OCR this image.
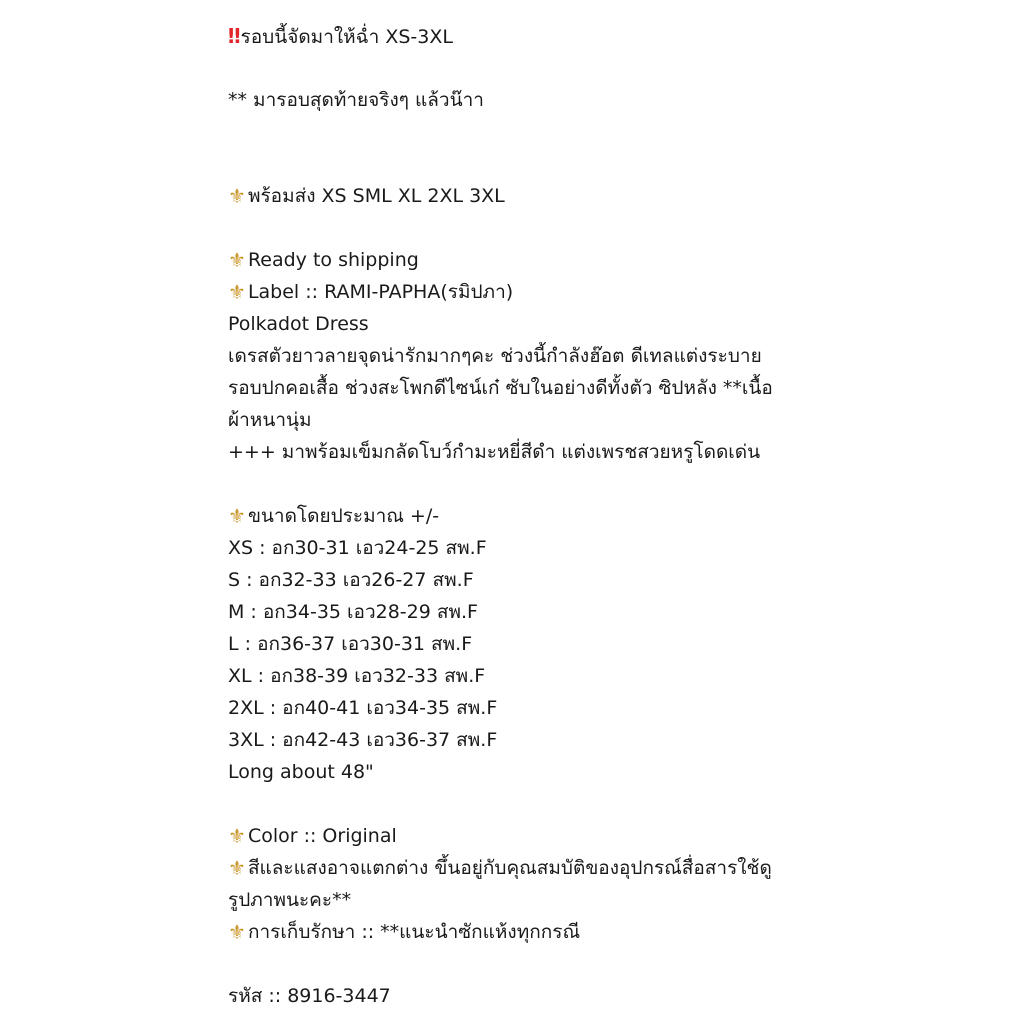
‼ รอบนี้จัดมาให้ฉ่ำ XS-3XL
** มารอบสุดท้ายจริงๆ แล้วน๊าา
⚜ พร้อมส่ง XS SML XL 2XL 3XL
⚜ Ready to shipping
⚜ Label :: RAMI-PAPHA(รมิปภา)
Polkadot Dress
เดรสตัวยาวลายจุดน่ารักมากๆคะ ช่วงนี้กำลังฮ๊อต ดีเทลแต่งระบาย
รอบปกคอเสื้อ ช่วงสะโพกดีไซน์เก๋ ซับในอย่างดีทั้งตัว ซิปหลัง **เนื้อ
ผ้าหนานุ่ม
+++ มาพร้อมเข็มกลัดโบว์กำมะหยี่สีดำ แต่งเพรชสวยหรูโดดเด่น
⚜ ขนาดโดยประมาณ +/-
XS : อก30-31 เอว24-25 สพ.F
S : อก32-33 เอว26-27 สพ.F
M : อก34-35 เอว28-29 สพ.F
L : อก36-37 เอว30-31 สพ.F
XL : อก38-39 เอว32-33 สพ.F
2XL : อก40-41 เอว34-35 สพ.F
3XL : อก42-43 เอว36-37 สพ.F
Long about 48"
⚜ Color :: Original
⚜ สีและแสงอาจแตกต่าง ขึ้นอยู่กับคุณสมบัติของอุปกรณ์สื่อสารใช้ดู
รูปภาพนะคะ**
⚜ การเก็บรักษา :: **แนะนำซักแห้งทุกกรณี
รหัส :: 8916-3447
